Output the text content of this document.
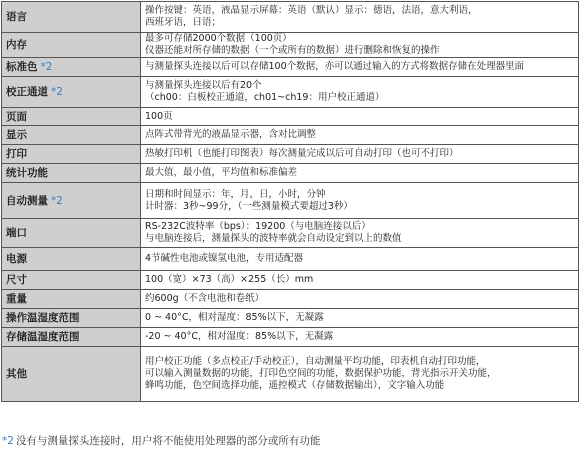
语言	操作按键：英语，液晶显示屏幕：英语（默认）显示：德语，法语，意大利语，
西班牙语，日语；

内存	最多可存储2000个数据（100页）
仪器还能对所存储的数据（一个或所有的数据）进行删除和恢复的操作

标准色 *2	与测量探头连接以后可以存储100个数据，亦可以通过输入的方式将数据存储在处理器里面

校正通道 *2	与测量探头连接以后有20个
（ch00：白板校正通道，ch01~ch19：用户校正通道）

页面	100页

显示	点阵式带背光的液晶显示器，含对比调整

打印	热敏打印机（也能打印图表）每次测量完成以后可自动打印（也可不打印）

统计功能	最大值，最小值，平均值和标准偏差

自动测量 *2	日期和时间显示：年，月，日，小时，分钟
计时器：3秒~99分，（一些测量模式要超过3秒）

端口	RS-232C波特率（bps）：19200（与电脑连接以后）
与电脑连接后，测量探头的波特率就会自动设定到以上的数值

电源	4节碱性电池或镍氢电池，专用适配器

尺寸	100（宽）×73（高）×255（长）mm

重量	约600g（不含电池和卷纸）

操作温湿度范围	0 ~ 40°C，相对湿度：85%以下，无凝露

存储温湿度范围	-20 ~ 40°C，相对湿度：85%以下，无凝露

其他	用户校正功能（多点校正/手动校正），自动测量平均功能，印表机自动打印功能，
可以输入测量数据的功能，打印色空间的功能，数据保护功能，背光指示开关功能，
蜂鸣功能，色空间选择功能，遥控模式（存储数据输出），文字输入功能
*2 没有与测量探头连接时，用户将不能使用处理器的部分或所有功能
